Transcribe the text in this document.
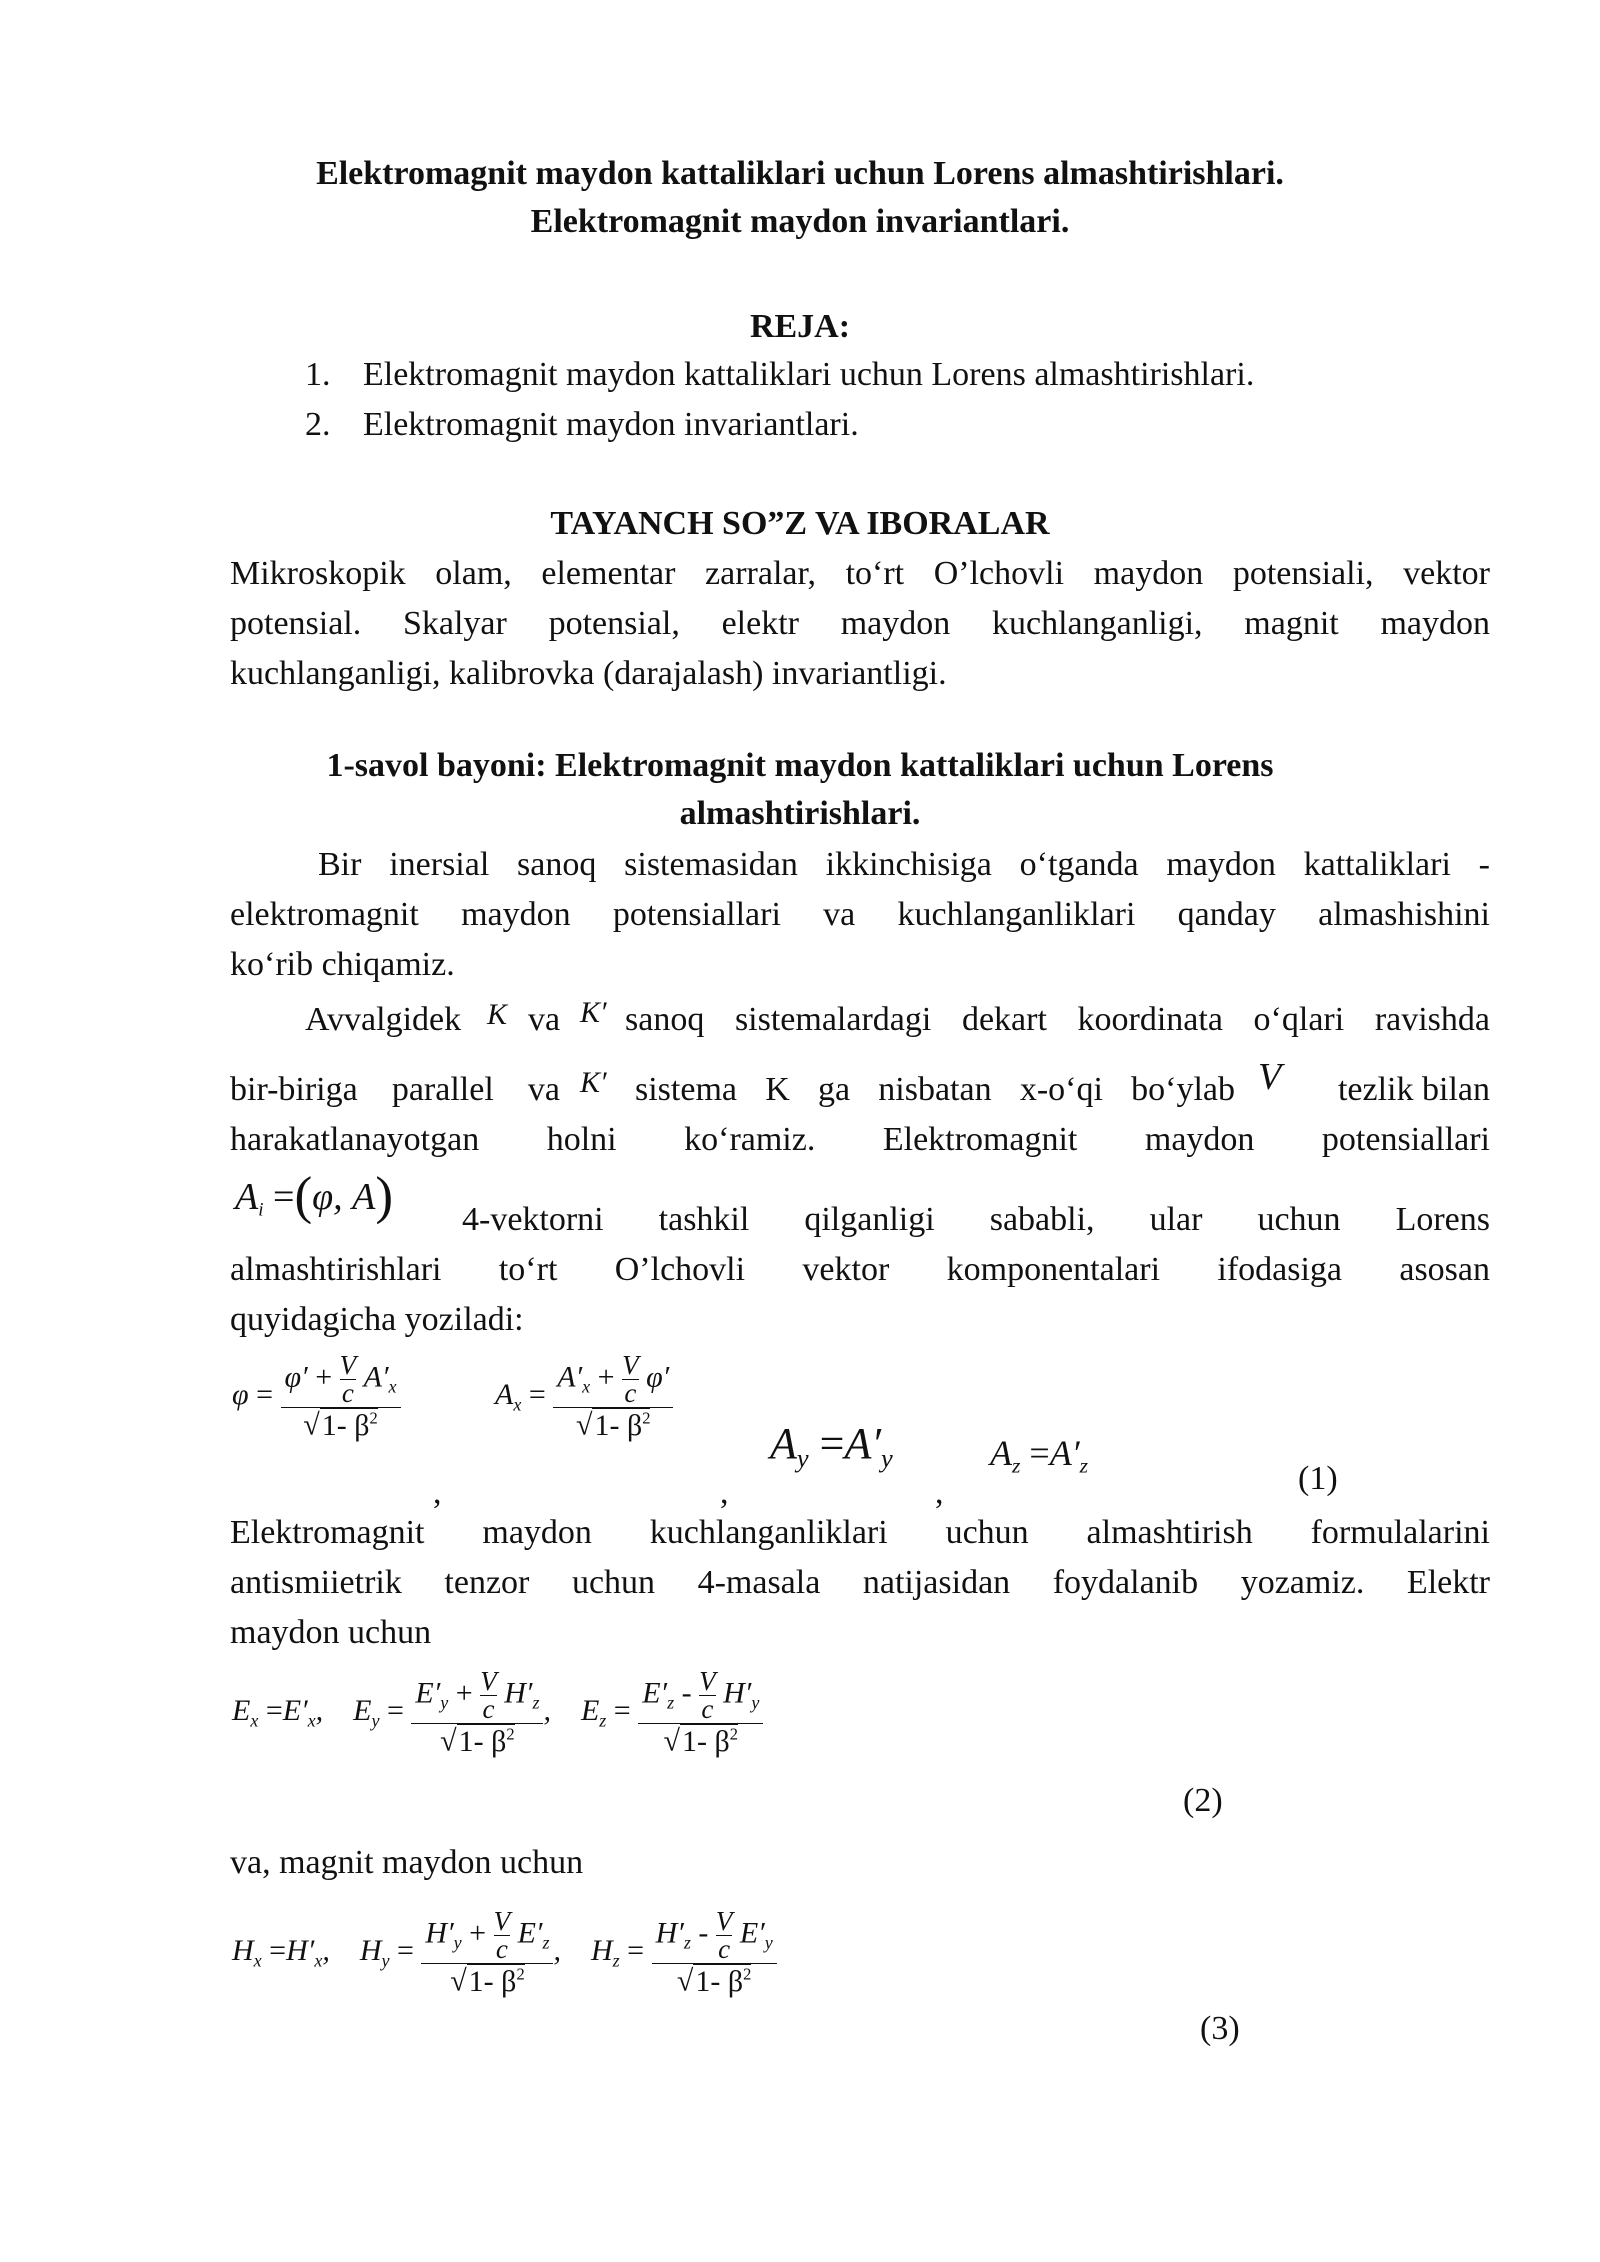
Elektromagnit maydon kattaliklari uchun Lorens almashtirishlari.
Elektromagnit maydon invariantlari.
REJA:
1. Elektromagnit maydon kattaliklari uchun Lorens almashtirishlari.
2. Elektromagnit maydon invariantlari.
TAYANCH SO”Z VA IBORALAR
Mikroskopik olam, elementar zarralar, to‘rt O’lchovli maydon potensiali, vektor
potensial. Skalyar potensial, elektr maydon kuchlanganligi, magnit maydon
kuchlanganligi, kalibrovka (darajalash) invariantligi.
1-savol bayoni: Elektromagnit maydon kattaliklari uchun Lorens
almashtirishlari.
Bir inersial sanoq sistemasidan ikkinchisiga o‘tganda maydon kattaliklari -
elektromagnit maydon potensiallari va kuchlanganliklari qanday almashishini
ko‘rib chiqamiz.
Avvalgidek K va K′ sanoq sistemalardagi dekart koordinata o‘qlari ravishda
bir-biriga parallel va K′ sistema K ga nisbatan x-o‘qi bo‘ylab V	tezlik bilan
harakatlanayotgan holni ko‘ramiz. Elektromagnit maydon potensiallari
$A_i =(\varphi$, A) 4-vektorni tashkil qilganligi sababli, ular uchun Lorens
almashtirishlari to‘rt O’lchovli vektor komponentalari ifodasiga asosan
quyidagicha yoziladi:
$\varphi = \frac{\varphi' + \frac{V}{c} A'_x}{√1- \beta^2}$
,
$A_x = \frac{A'_x + \frac{V}{c} \varphi'}{√1- \beta^2}$
,
$A_y =A'_y$
,
$A_z =A'_z$	(1)
Elektromagnit maydon kuchlanganliklari uchun almashtirish formulalarini
antismiietrik tenzor uchun 4-masala natijasidan foydalanib yozamiz. Elektr
maydon uchun
$E_x =E'_x$,    $E_y = \frac{E'_y + \frac{V}{c} H'_z}{√1- \beta^2}$ ,    $E_z = \frac{E'_z - \frac{V}{c} H'_y}{√1- \beta^2}$
(2)
va, magnit maydon uchun
$H_x =H'_x$,    $H_y = \frac{H'_y + \frac{V}{c} E'_z}{√1- \beta^2}$ ,    $H_z = \frac{H'_z - \frac{V}{c} E'_y}{√1- \beta^2}$
(3)
